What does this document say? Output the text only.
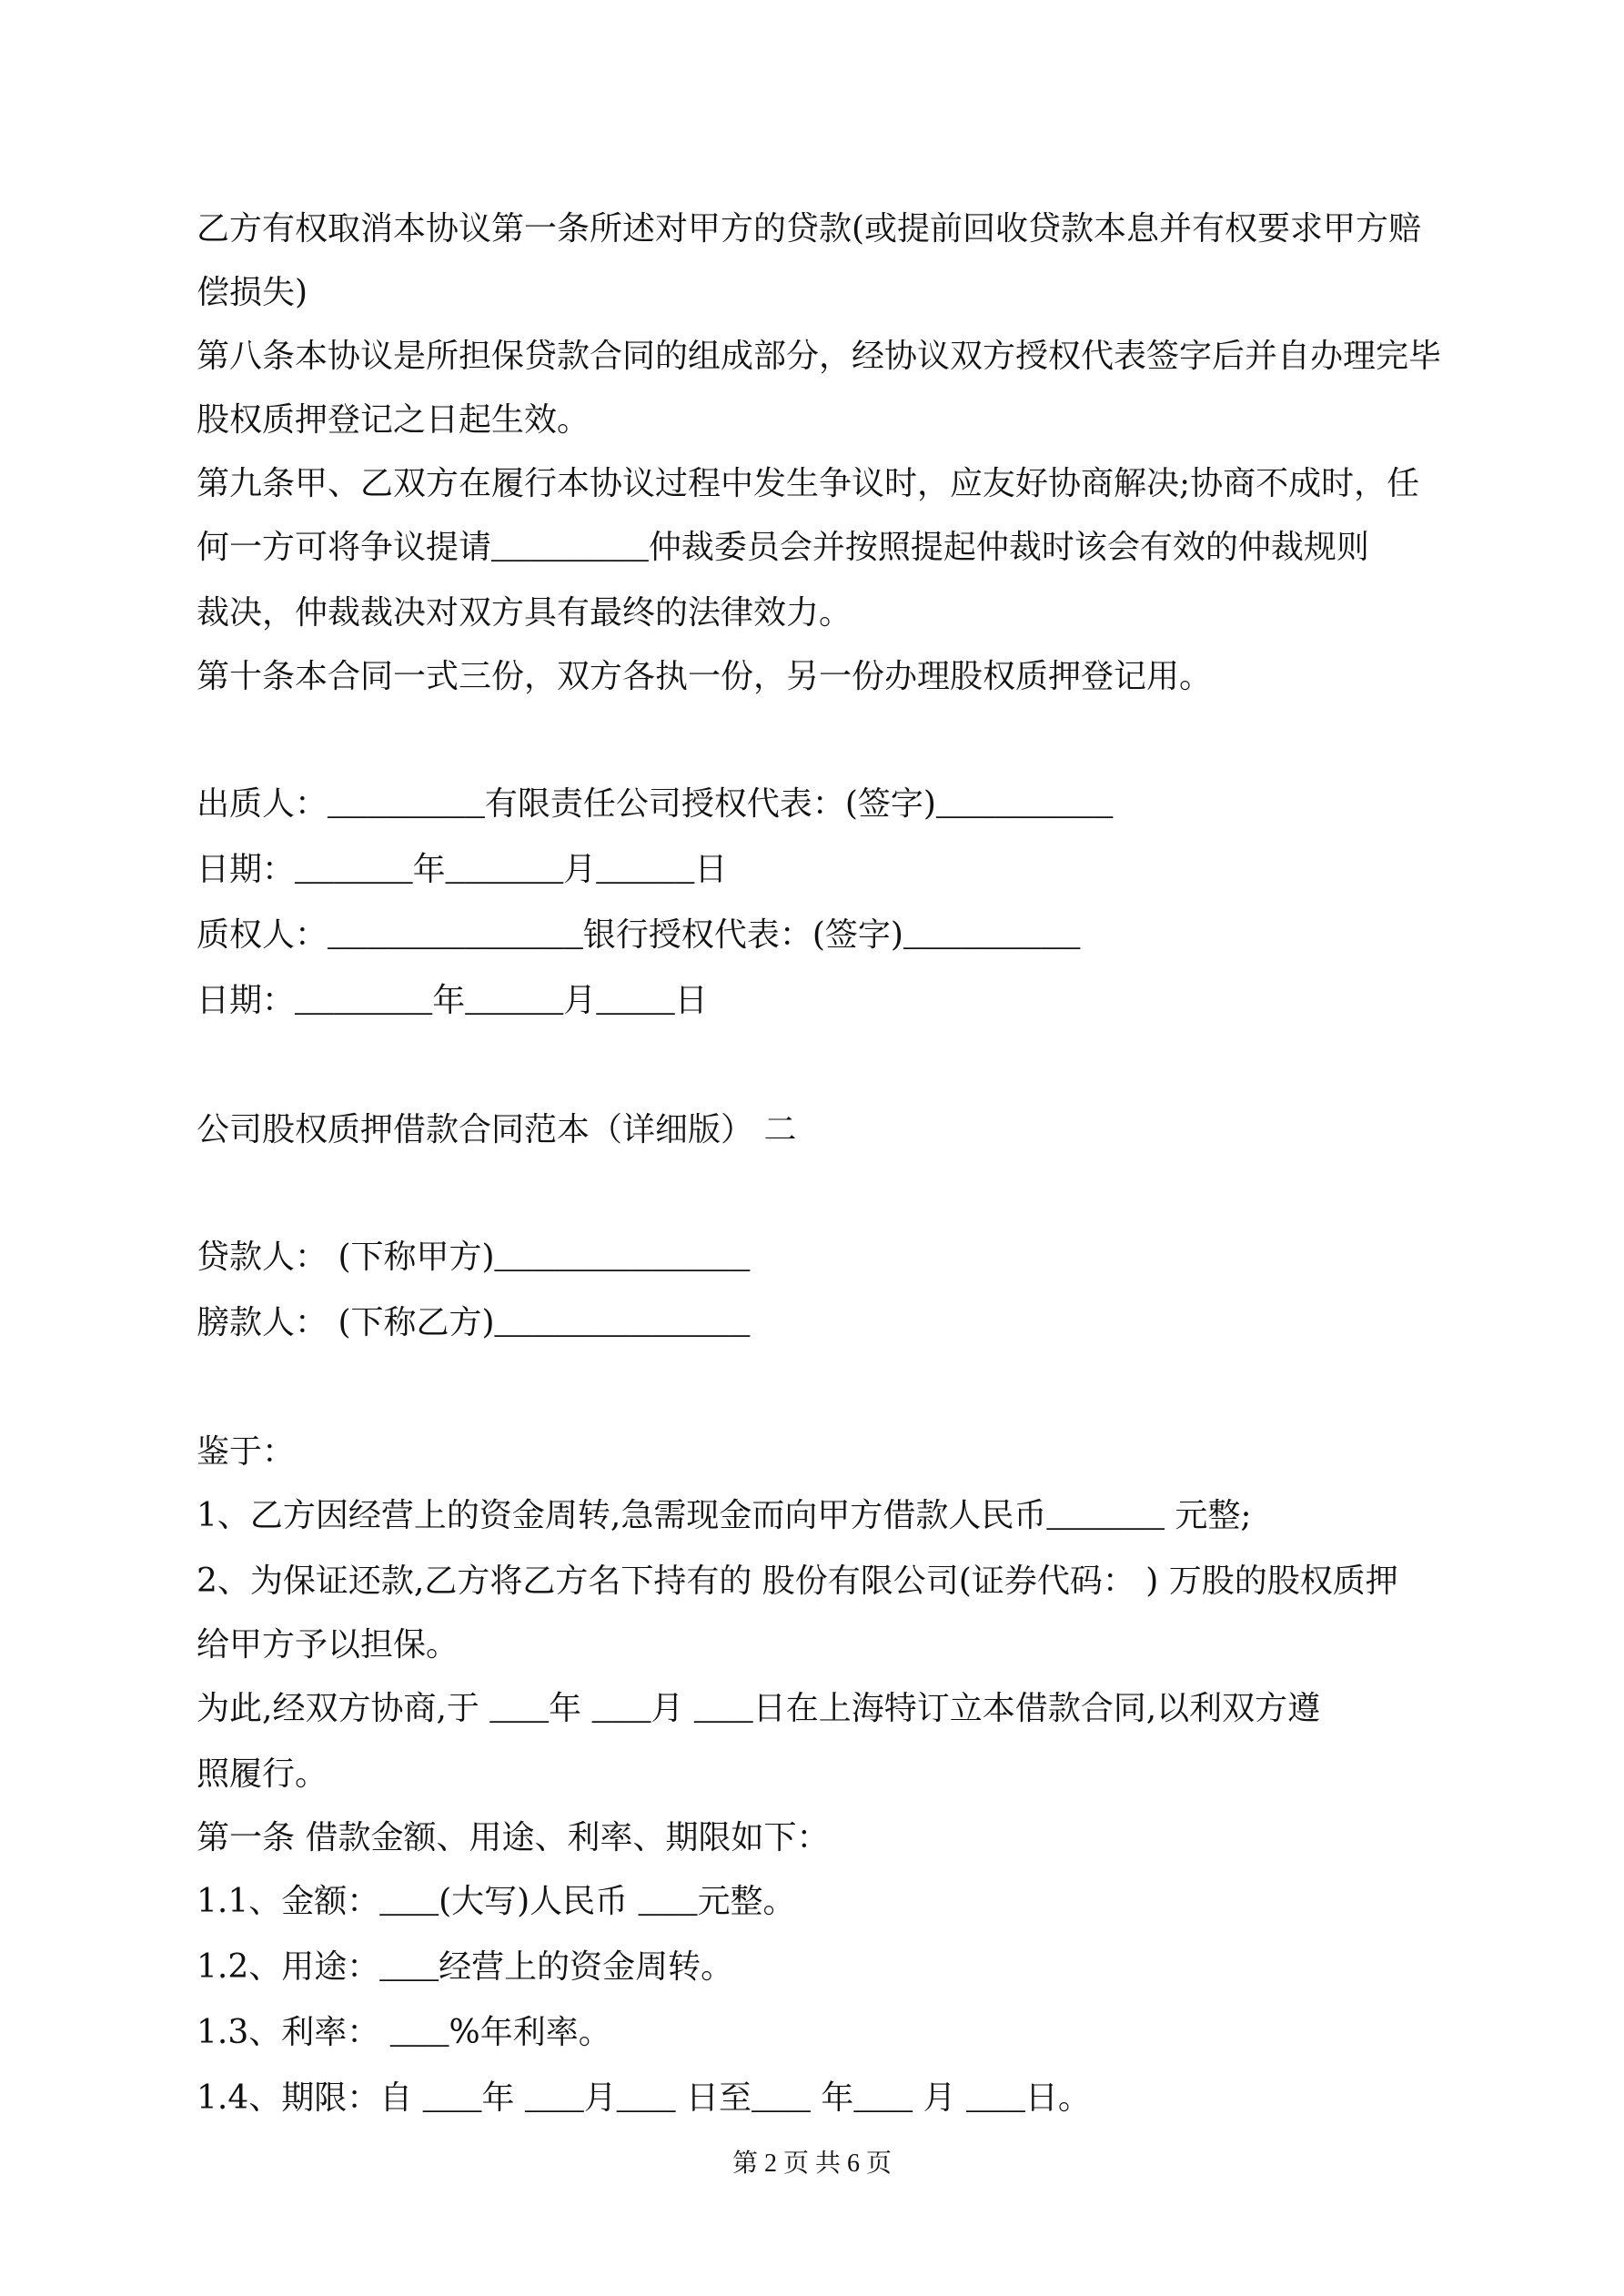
乙方有权取消本协议第一条所述对甲方的贷款(或提前回收贷款本息并有权要求甲方赔
偿损失)
第八条本协议是所担保贷款合同的组成部分，经协议双方授权代表签字后并自办理完毕
股权质押登记之日起生效。
第九条甲、乙双方在履行本协议过程中发生争议时，应友好协商解决;协商不成时，任
何一方可将争议提请________仲裁委员会并按照提起仲裁时该会有效的仲裁规则
裁决，仲裁裁决对双方具有最终的法律效力。
第十条本合同一式三份，双方各执一份，另一份办理股权质押登记用。
出质人：________有限责任公司授权代表：(签字)_________
日期：______年______月_____日
质权人：_____________银行授权代表：(签字)_________
日期：_______年_____月____日
公司股权质押借款合同范本（详细版） 二
贷款人： (下称甲方)_____________
膀款人： (下称乙方)_____________
鉴于：
1、乙方因经营上的资金周转,急需现金而向甲方借款人民币______ 元整;
2、为保证还款,乙方将乙方名下持有的 股份有限公司(证券代码： ) 万股的股权质押
给甲方予以担保。
为此,经双方协商,于 ___年 ___月 ___日在上海特订立本借款合同,以利双方遵
照履行。
第一条 借款金额、用途、利率、期限如下：
1.1、金额：___(大写)人民币 ___元整。
1.2、用途：___经营上的资金周转。
1.3、利率： ___%年利率。
1.4、期限：自 ___年 ___月___ 日至___ 年___ 月 ___日。
第 2 页 共 6 页
